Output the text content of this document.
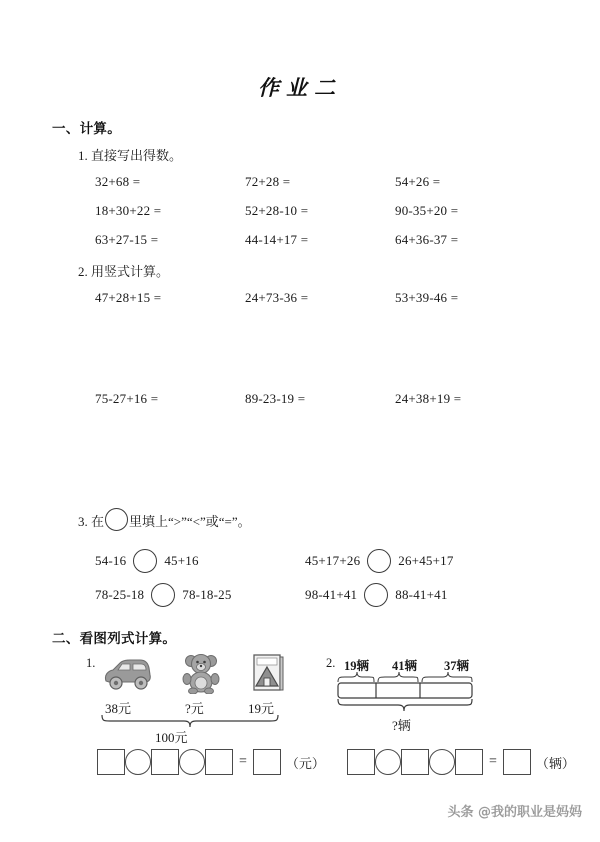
作业二
一、计算。
1. 直接写出得数。
32+68 =	72+28 =	54+26 =
18+30+22 =	52+28-10 =	90-35+20 =
63+27-15 =	44-14+17 =	64+36-37 =
2. 用竖式计算。
47+28+15 =	24+73-36 =	53+39-46 =
75-27+16 =	89-23-19 =	24+38+19 =
3. 在 里填上“>”“<”或“=”。
54-16	45+16	45+17+26	26+45+17
78-25-18	78-18-25	98-41+41	88-41+41
二、看图列式计算。
1.
38元	?元	19元
100元
=	（元）
2. 19辆 41辆 37辆
?辆
=	（辆）
头条 @我的职业是妈妈
